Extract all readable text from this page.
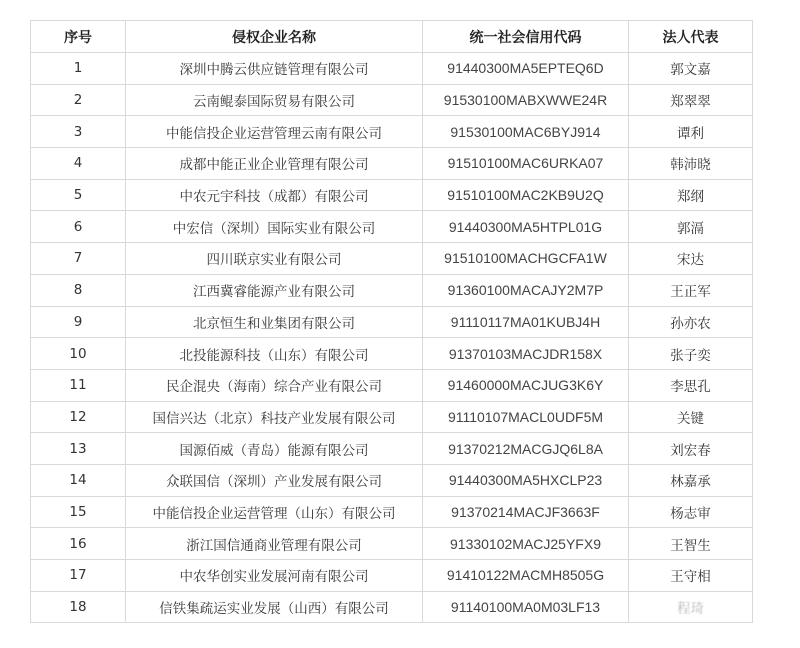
序号	侵权企业名称	统一社会信用代码	法人代表
1	深圳中腾云供应链管理有限公司	91440300MA5EPTEQ6D	郭文嘉
2	云南鲲泰国际贸易有限公司	91530100MABXWWE24R	郑翠翠
3	中能信投企业运营管理云南有限公司	91530100MAC6BYJ914	谭利
4	成都中能正业企业管理有限公司	91510100MAC6URKA07	韩沛晓
5	中农元宇科技（成都）有限公司	91510100MAC2KB9U2Q	郑纲
6	中宏信（深圳）国际实业有限公司	91440300MA5HTPL01G	郭滆
7	四川联京实业有限公司	91510100MACHGCFA1W	宋达
8	江西冀睿能源产业有限公司	91360100MACAJY2M7P	王正军
9	北京恒生和业集团有限公司	91110117MA01KUBJ4H	孙亦农
10	北投能源科技（山东）有限公司	91370103MACJDR158X	张子奕
11	民企混央（海南）综合产业有限公司	91460000MACJUG3K6Y	李思孔
12	国信兴达（北京）科技产业发展有限公司	91110107MACL0UDF5M	关键
13	国源佰威（青岛）能源有限公司	91370212MACGJQ6L8A	刘宏春
14	众联国信（深圳）产业发展有限公司	91440300MA5HXCLP23	林嘉承
15	中能信投企业运营管理（山东）有限公司	91370214MACJF3663F	杨志审
16	浙江国信通商业管理有限公司	91330102MACJ25YFX9	王智生
17	中农华创实业发展河南有限公司	91410122MACMH8505G	王守相
18	信铁集疏运实业发展（山西）有限公司	91140100MA0M03LF13	程琦
